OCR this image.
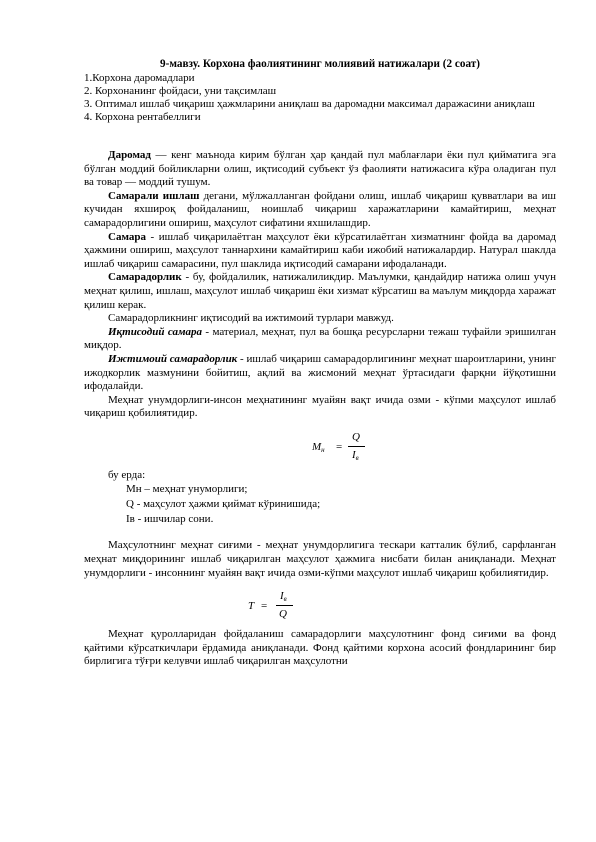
9-мавзу. Корхона фаолиятининг молиявий натижалари (2 соат)
1.Корхона даромадлари
2. Корхонанинг фойдаси, уни тақсимлаш
3. Оптимал ишлаб чиқариш ҳажмларини аниқлаш ва даромадни максимал даражасини аниқлаш
4. Корхона рентабеллиги

Даромад — кенг маънода кирим бўлган ҳар қандай пул маблағлари ёки пул қийматига эга бўлган моддий бойликларни олиш, иқтисодий субъект ўз фаолияти натижасига кўра оладиган пул ва товар — моддий тушум.

Самарали ишлаш дегани, мўлжалланган фойдани олиш, ишлаб чиқариш қувватлари ва иш кучидан яхшироқ фойдаланиш, ноишлаб чиқариш харажатларини камайтириш, меҳнат самарадорлигини ошириш, маҳсулот сифатини яхшилашдир.

Самара - ишлаб чиқарилаётган маҳсулот ёки кўрсатилаётган хизматнинг фойда ва даромад ҳажмини ошириш, маҳсулот таннархини камайтириш каби ижобий натижалардир. Натурал шаклда ишлаб чиқариш самарасини, пул шаклида иқтисодий самарани ифодаланади.

Самарадорлик - бу, фойдалилик, натижалиликдир. Маълумки, қандайдир натижа олиш учун меҳнат қилиш, ишлаш, маҳсулот ишлаб чиқариш ёки хизмат кўрсатиш ва маълум миқдорда харажат қилиш керак.

Самарадорликнинг иқтисодий ва ижтимоий турлари мавжуд.

Иқтисодий самара - материал, меҳнат, пул ва бошқа ресурсларни тежаш туфайли эришилган миқдор.

Ижтимоий самарадорлик - ишлаб чиқариш самарадорлигининг меҳнат шароитларини, унинг ижодкорлик мазмунини бойитиш, ақлий ва жисмоний меҳнат ўртасидаги фарқни йўқотишни ифодалайди.

Меҳнат унумдорлиги-инсон меҳнатининг муайян вақт ичида озми - кўпми маҳсулот ишлаб чиқариш қобилиятидир.

$M_н$ =
Q
$I_в$
бу ерда:
Мн – меҳнат унуморлиги;
Q - маҳсулот ҳажми қиймат кўринишида;
Iв - ишчилар сони.

Маҳсулотнинг меҳнат сиғими - меҳнат унумдорлигига тескари катталик бўлиб, сарфланган меҳнат миқдорининг ишлаб чиқарилган маҳсулот ҳажмига нисбати билан аниқланади. Меҳнат унумдорлиги - инсоннинг муайян вақт ичида озми-кўпми маҳсулот ишлаб чиқариш қобилиятидир.

T =
$I_в$
Q

Меҳнат қуролларидан фойдаланиш самарадорлиги маҳсулотнинг фонд сиғими ва фонд қайтими кўрсаткичлари ёрдамида аниқланади. Фонд қайтими корхона асосий фондларининг бир бирлигига тўғри келувчи ишлаб чиқарилган маҳсулотни
